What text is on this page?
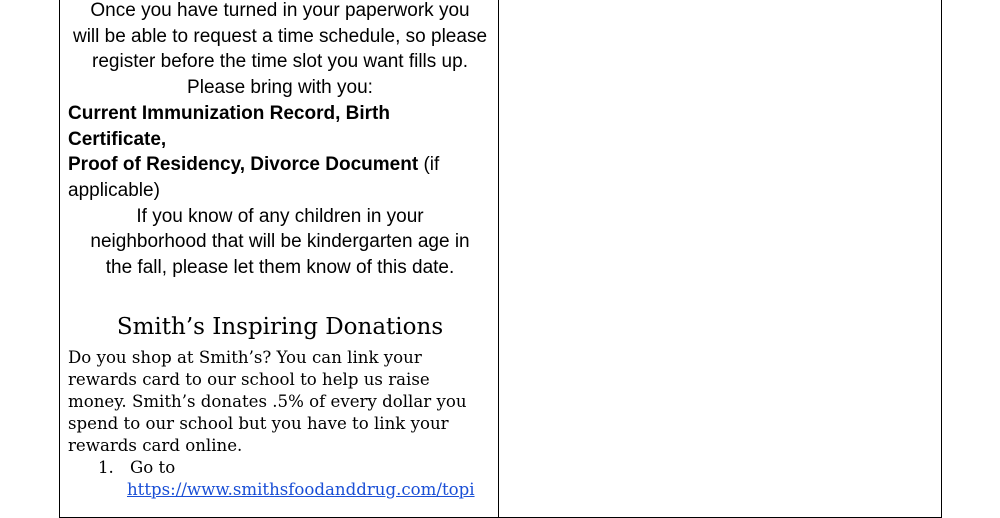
Once you have turned in your paperwork you
will be able to request a time schedule, so please
register before the time slot you want fills up.
Please bring with you:
Current Immunization Record, Birth Certificate,
Proof of Residency, Divorce Document (if
applicable)
If you know of any children in your
neighborhood that will be kindergarten age in
the fall, please let them know of this date.
Smith’s Inspiring Donations
Do you shop at Smith’s? You can link your
rewards card to our school to help us raise
money. Smith’s donates .5% of every dollar you
spend to our school but you have to link your
rewards card online.
1. Go to
https://www.smithsfoodanddrug.com/topi
